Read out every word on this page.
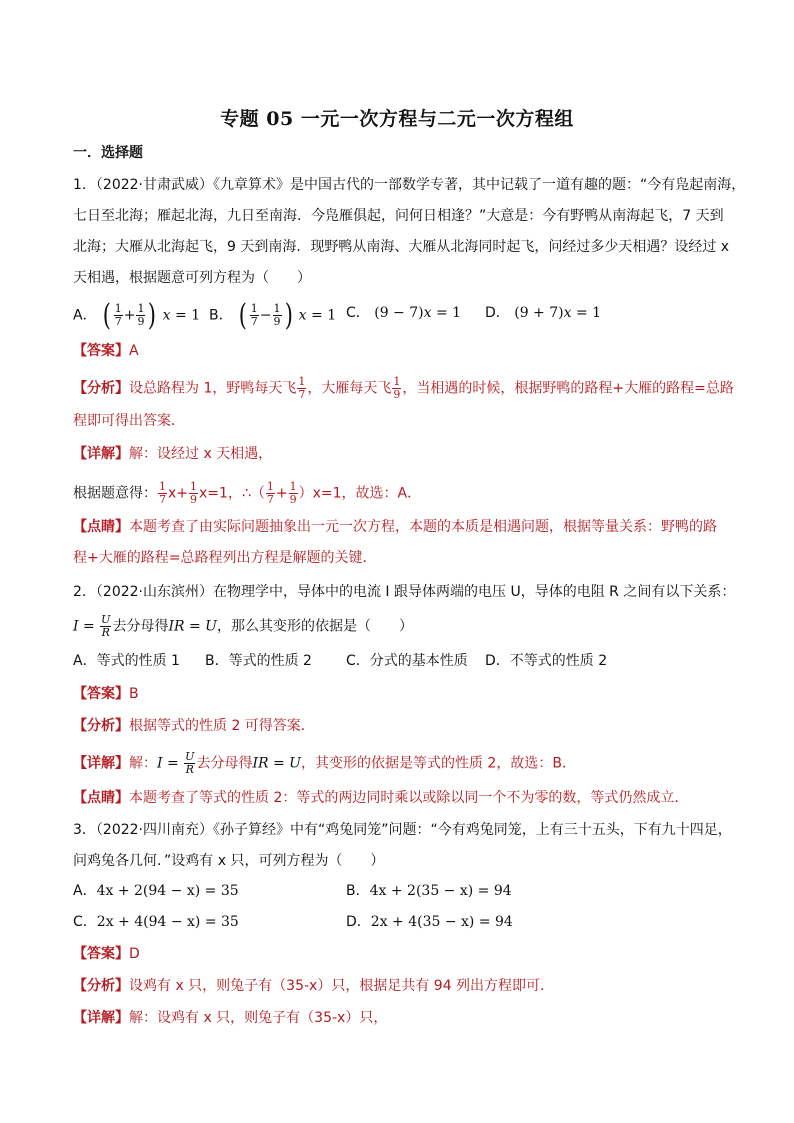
专题 05 一元一次方程与二元一次方程组
一．选择题
1．（2022·甘肃武威）《九章算术》是中国古代的一部数学专著，其中记载了一道有趣的题：“今有凫起南海，
七日至北海；雁起北海，九日至南海．今凫雁俱起，问何日相逢？”大意是：今有野鸭从南海起飞，7 天到
北海；大雁从北海起飞，9 天到南海．现野鸭从南海、大雁从北海同时起飞，问经过多少天相遇？设经过 x
天相遇，根据题意可列方程为（　　）
A． ( $\frac{1}{7} + \frac{1}{9}$ ) x = 1 B． ( $\frac{1}{7} - \frac{1}{9}$ ) x = 1 C． (9 − 7)x = 1 D． (9 + 7)x = 1
【答案】A
【分析】设总路程为 1，野鸭每天飞 $\frac{1}{7}$ ，大雁每天飞 $\frac{1}{9}$ ，当相遇的时候，根据野鸭的路程+大雁的路程=总路
程即可得出答案．
【详解】解：设经过 x 天相遇，
根据题意得： $\frac{1}{7} x+ \frac{1}{9} x=1$，∴（ $\frac{1}{7} + \frac{1}{9} )x=1$，故选：A．
【点睛】本题考查了由实际问题抽象出一元一次方程，本题的本质是相遇问题，根据等量关系：野鸭的路
程+大雁的路程=总路程列出方程是解题的关键．
2．（2022·山东滨州）在物理学中，导体中的电流 I 跟导体两端的电压 U，导体的电阻 R 之间有以下关系：
$I = \frac{U}{R}$ 去分母得IR = U，那么其变形的依据是（　　）
A．等式的性质 1 B．等式的性质 2 C．分式的基本性质 D．不等式的性质 2
【答案】B
【分析】根据等式的性质 2 可得答案．
【详解】解：$I = \frac{U}{R}$ 去分母得IR = U，其变形的依据是等式的性质 2，故选：B．
【点睛】本题考查了等式的性质 2：等式的两边同时乘以或除以同一个不为零的数，等式仍然成立．
3．（2022·四川南充）《孙子算经》中有“鸡兔同笼”问题：“今有鸡兔同笼，上有三十五头，下有九十四足，
问鸡兔各几何．”设鸡有 x 只，可列方程为（　　）
A．4x + 2(94 − x) = 35	B．4x + 2(35 − x) = 94
C．2x + 4(94 − x) = 35	D．2x + 4(35 − x) = 94
【答案】D
【分析】设鸡有 x 只，则兔子有（35-x）只，根据足共有 94 列出方程即可．
【详解】解：设鸡有 x 只，则兔子有（35-x）只，
